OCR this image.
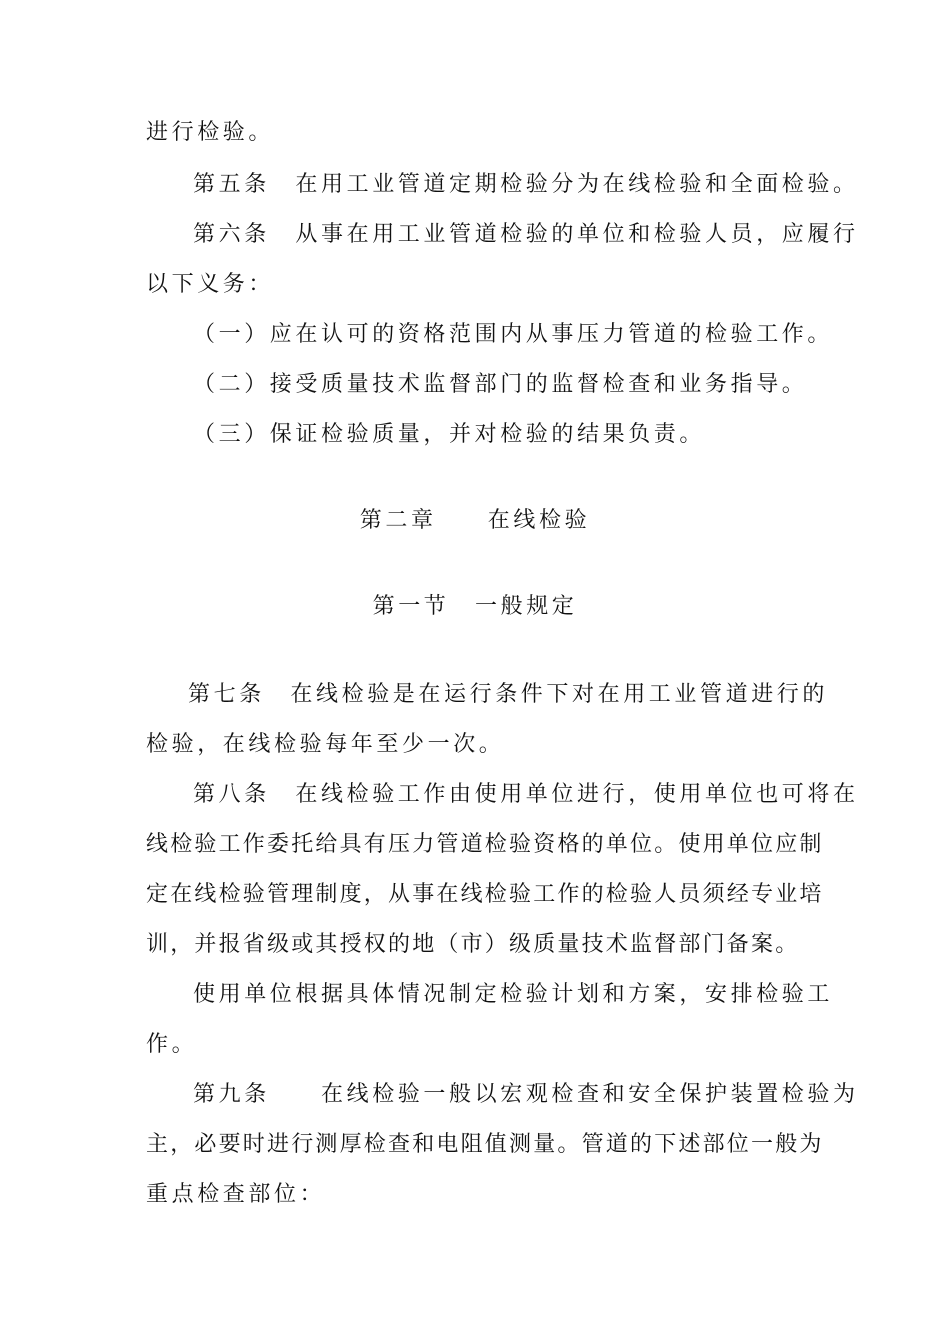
进行检验。
第五条　在用工业管道定期检验分为在线检验和全面检验。
第六条　从事在用工业管道检验的单位和检验人员，应履行
以下义务：
（一）应在认可的资格范围内从事压力管道的检验工作。
（二）接受质量技术监督部门的监督检查和业务指导。
（三）保证检验质量，并对检验的结果负责。
第二章　　在线检验
第一节　一般规定
第七条　在线检验是在运行条件下对在用工业管道进行的
检验，在线检验每年至少一次。
第八条　在线检验工作由使用单位进行，使用单位也可将在
线检验工作委托给具有压力管道检验资格的单位。使用单位应制
定在线检验管理制度，从事在线检验工作的检验人员须经专业培
训，并报省级或其授权的地（市）级质量技术监督部门备案。
使用单位根据具体情况制定检验计划和方案，安排检验工
作。
第九条　　在线检验一般以宏观检查和安全保护装置检验为
主，必要时进行测厚检查和电阻值测量。管道的下述部位一般为
重点检查部位：
